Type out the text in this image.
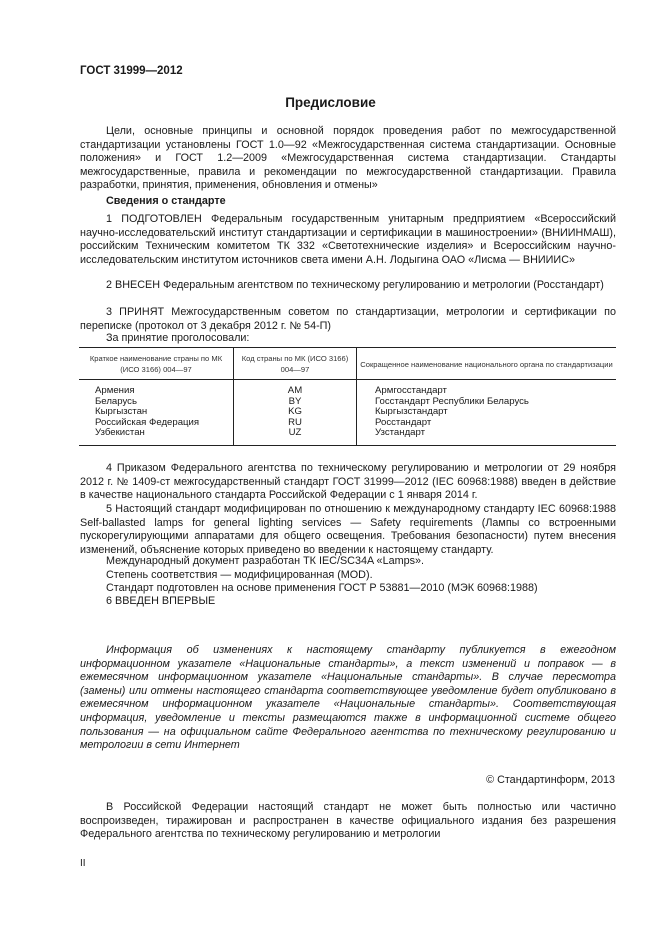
ГОСТ 31999—2012
Предисловие
Цели, основные принципы и основной порядок проведения работ по межгосударственной стандартизации установлены ГОСТ 1.0—92 «Межгосударственная система стандартизации. Основные положения» и ГОСТ 1.2—2009 «Межгосударственная система стандартизации. Стандарты межгосударственные, правила и рекомендации по межгосударственной стандартизации. Правила разработки, принятия, применения, обновления и отмены»
Сведения о стандарте
1 ПОДГОТОВЛЕН Федеральным государственным унитарным предприятием «Всероссийский научно-исследовательский институт стандартизации и сертификации в машиностроении» (ВНИИНМАШ), российским Техническим комитетом ТК 332 «Светотехнические изделия» и Всероссийским научно-исследовательским институтом источников света имени А.Н. Лодыгина ОАО «Лисма — ВНИИИС»
2 ВНЕСЕН Федеральным агентством по техническому регулированию и метрологии (Росстандарт)
3 ПРИНЯТ Межгосударственным советом по стандартизации, метрологии и сертификации по переписке (протокол от 3 декабря 2012 г. № 54-П)
За принятие проголосовали:
Краткое наименование страны по МК (ИСО 3166) 004—97	Код страны по МК (ИСО 3166) 004—97	Сокращенное наименование национального органа по стандартизации
Армения	AM	Армгосстандарт
Беларусь	BY	Госстандарт Республики Беларусь
Кыргызстан	KG	Кыргызстандарт
Российская Федерация	RU	Росстандарт
Узбекистан	UZ	Узстандарт
4 Приказом Федерального агентства по техническому регулированию и метрологии от 29 ноября 2012 г. № 1409-ст межгосударственный стандарт ГОСТ 31999—2012 (IEC 60968:1988) введен в действие в качестве национального стандарта Российской Федерации с 1 января 2014 г.
5 Настоящий стандарт модифицирован по отношению к международному стандарту IEC 60968:1988 Self-ballasted lamps for general lighting services — Safety requirements (Лампы со встроенными пускорегулирующими аппаратами для общего освещения. Требования безопасности) путем внесения изменений, объяснение которых приведено во введении к настоящему стандарту.
Международный документ разработан ТК IEC/SC34A «Lamps».
Степень соответствия — модифицированная (MOD).
Стандарт подготовлен на основе применения ГОСТ Р 53881—2010 (МЭК 60968:1988)
6 ВВЕДЕН ВПЕРВЫЕ
Информация об изменениях к настоящему стандарту публикуется в ежегодном информационном указателе «Национальные стандарты», а текст изменений и поправок — в ежемесячном информационном указателе «Национальные стандарты». В случае пересмотра (замены) или отмены настоящего стандарта соответствующее уведомление будет опубликовано в ежемесячном информационном указателе «Национальные стандарты». Соответствующая информация, уведомление и тексты размещаются также в информационной системе общего пользования — на официальном сайте Федерального агентства по техническому регулированию и метрологии в сети Интернет
© Стандартинформ, 2013
В Российской Федерации настоящий стандарт не может быть полностью или частично воспроизведен, тиражирован и распространен в качестве официального издания без разрешения Федерального агентства по техническому регулированию и метрологии
II
